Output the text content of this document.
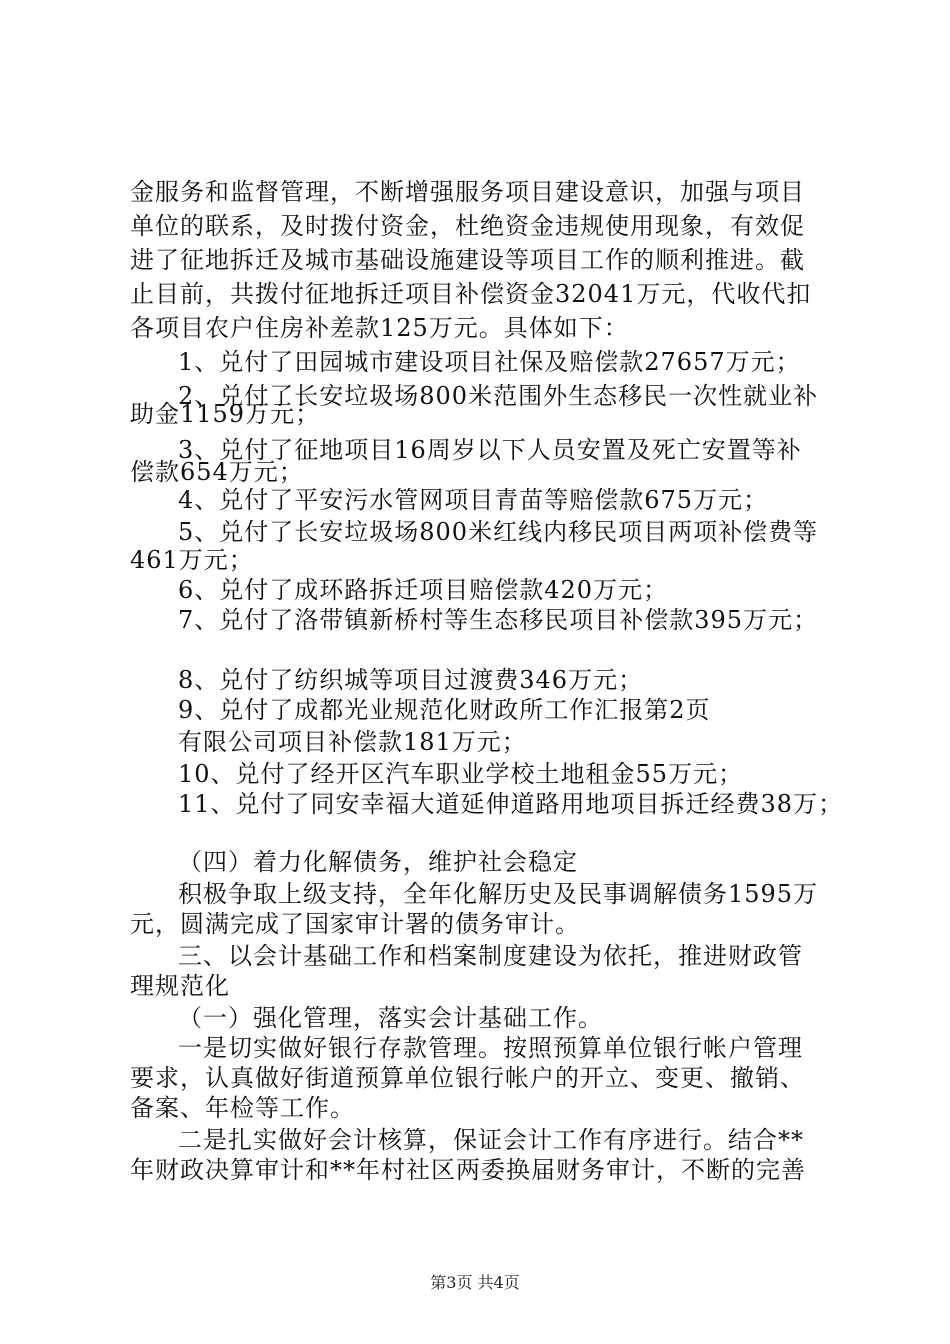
金服务和监督管理，不断增强服务项目建设意识，加强与项目
单位的联系，及时拨付资金，杜绝资金违规使用现象，有效促
进了征地拆迁及城市基础设施建设等项目工作的顺利推进。截
止目前，共拨付征地拆迁项目补偿资金32041万元，代收代扣
各项目农户住房补差款125万元。具体如下：
1、兑付了田园城市建设项目社保及赔偿款27657万元；
2、兑付了长安垃圾场800米范围外生态移民一次性就业补
助金1159万元；
3、兑付了征地项目16周岁以下人员安置及死亡安置等补
偿款654万元；
4、兑付了平安污水管网项目青苗等赔偿款675万元；
5、兑付了长安垃圾场800米红线内移民项目两项补偿费等
461万元；
6、兑付了成环路拆迁项目赔偿款420万元；
7、兑付了洛带镇新桥村等生态移民项目补偿款395万元；
8、兑付了纺织城等项目过渡费346万元；
9、兑付了成都光业规范化财政所工作汇报第2页
有限公司项目补偿款181万元；
10、兑付了经开区汽车职业学校土地租金55万元；
11、兑付了同安幸福大道延伸道路用地项目拆迁经费38万；
（四）着力化解债务，维护社会稳定
积极争取上级支持，全年化解历史及民事调解债务1595万
元，圆满完成了国家审计署的债务审计。
三、以会计基础工作和档案制度建设为依托，推进财政管
理规范化
（一）强化管理，落实会计基础工作。
一是切实做好银行存款管理。按照预算单位银行帐户管理
要求，认真做好街道预算单位银行帐户的开立、变更、撤销、
备案、年检等工作。
二是扎实做好会计核算，保证会计工作有序进行。结合**
年财政决算审计和**年村社区两委换届财务审计，不断的完善
第3页 共4页
